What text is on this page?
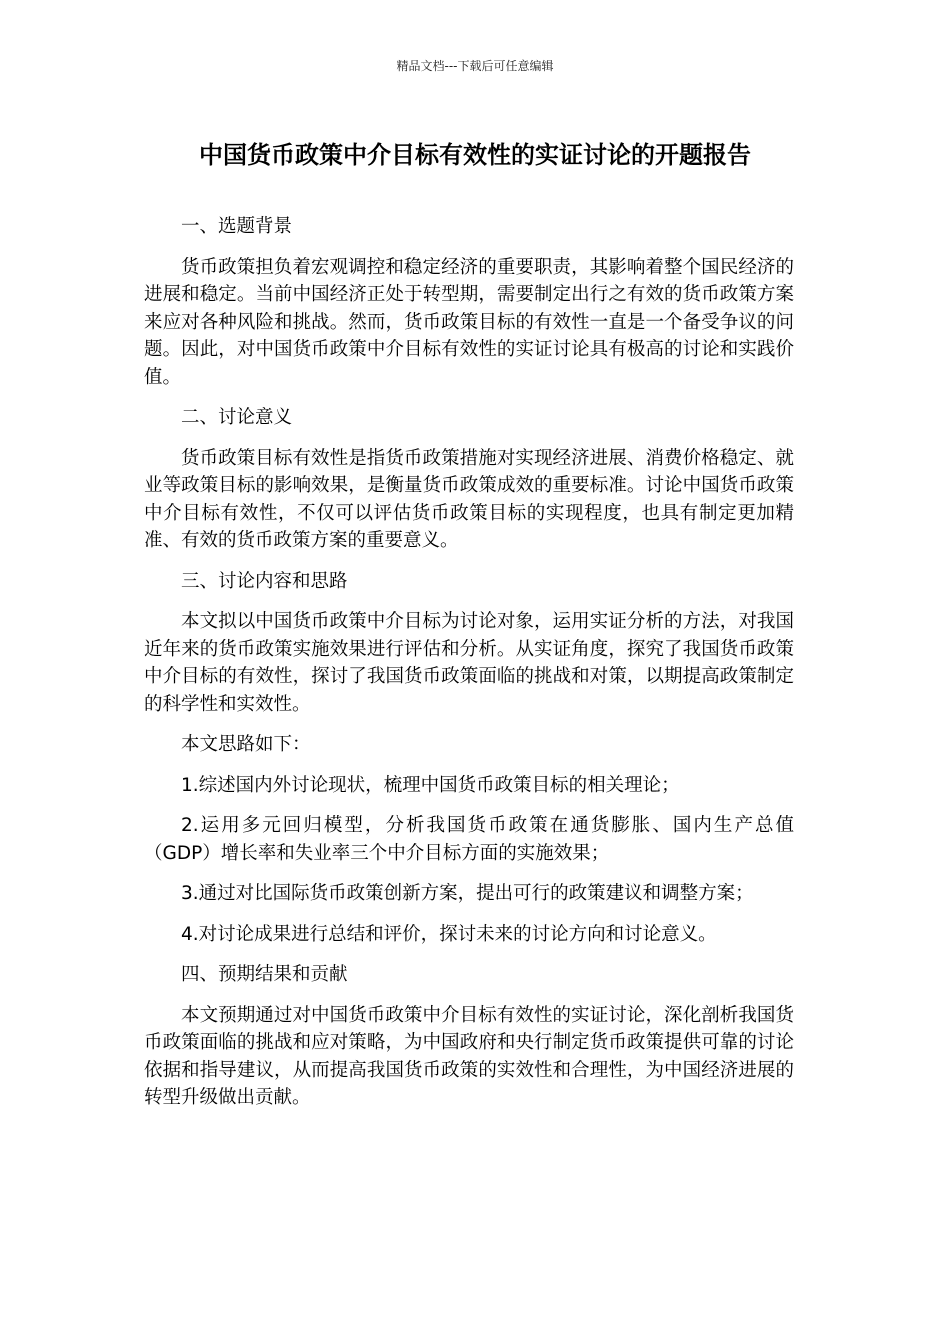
精品文档---下载后可任意编辑
中国货币政策中介目标有效性的实证讨论的开题报告

一、选题背景

货币政策担负着宏观调控和稳定经济的重要职责，其影响着整个国民经济的进展和稳定。当前中国经济正处于转型期，需要制定出行之有效的货币政策方案来应对各种风险和挑战。然而，货币政策目标的有效性一直是一个备受争议的问题。因此，对中国货币政策中介目标有效性的实证讨论具有极高的讨论和实践价值。

二、讨论意义

货币政策目标有效性是指货币政策措施对实现经济进展、消费价格稳定、就业等政策目标的影响效果，是衡量货币政策成效的重要标准。讨论中国货币政策中介目标有效性，不仅可以评估货币政策目标的实现程度，也具有制定更加精准、有效的货币政策方案的重要意义。

三、讨论内容和思路

本文拟以中国货币政策中介目标为讨论对象，运用实证分析的方法，对我国近年来的货币政策实施效果进行评估和分析。从实证角度，探究了我国货币政策中介目标的有效性，探讨了我国货币政策面临的挑战和对策，以期提高政策制定的科学性和实效性。

本文思路如下：

1.综述国内外讨论现状，梳理中国货币政策目标的相关理论；

2.运用多元回归模型，分析我国货币政策在通货膨胀、国内生产总值（GDP）增长率和失业率三个中介目标方面的实施效果；

3.通过对比国际货币政策创新方案，提出可行的政策建议和调整方案；

4.对讨论成果进行总结和评价，探讨未来的讨论方向和讨论意义。

四、预期结果和贡献

本文预期通过对中国货币政策中介目标有效性的实证讨论，深化剖析我国货币政策面临的挑战和应对策略，为中国政府和央行制定货币政策提供可靠的讨论依据和指导建议，从而提高我国货币政策的实效性和合理性，为中国经济进展的转型升级做出贡献。
